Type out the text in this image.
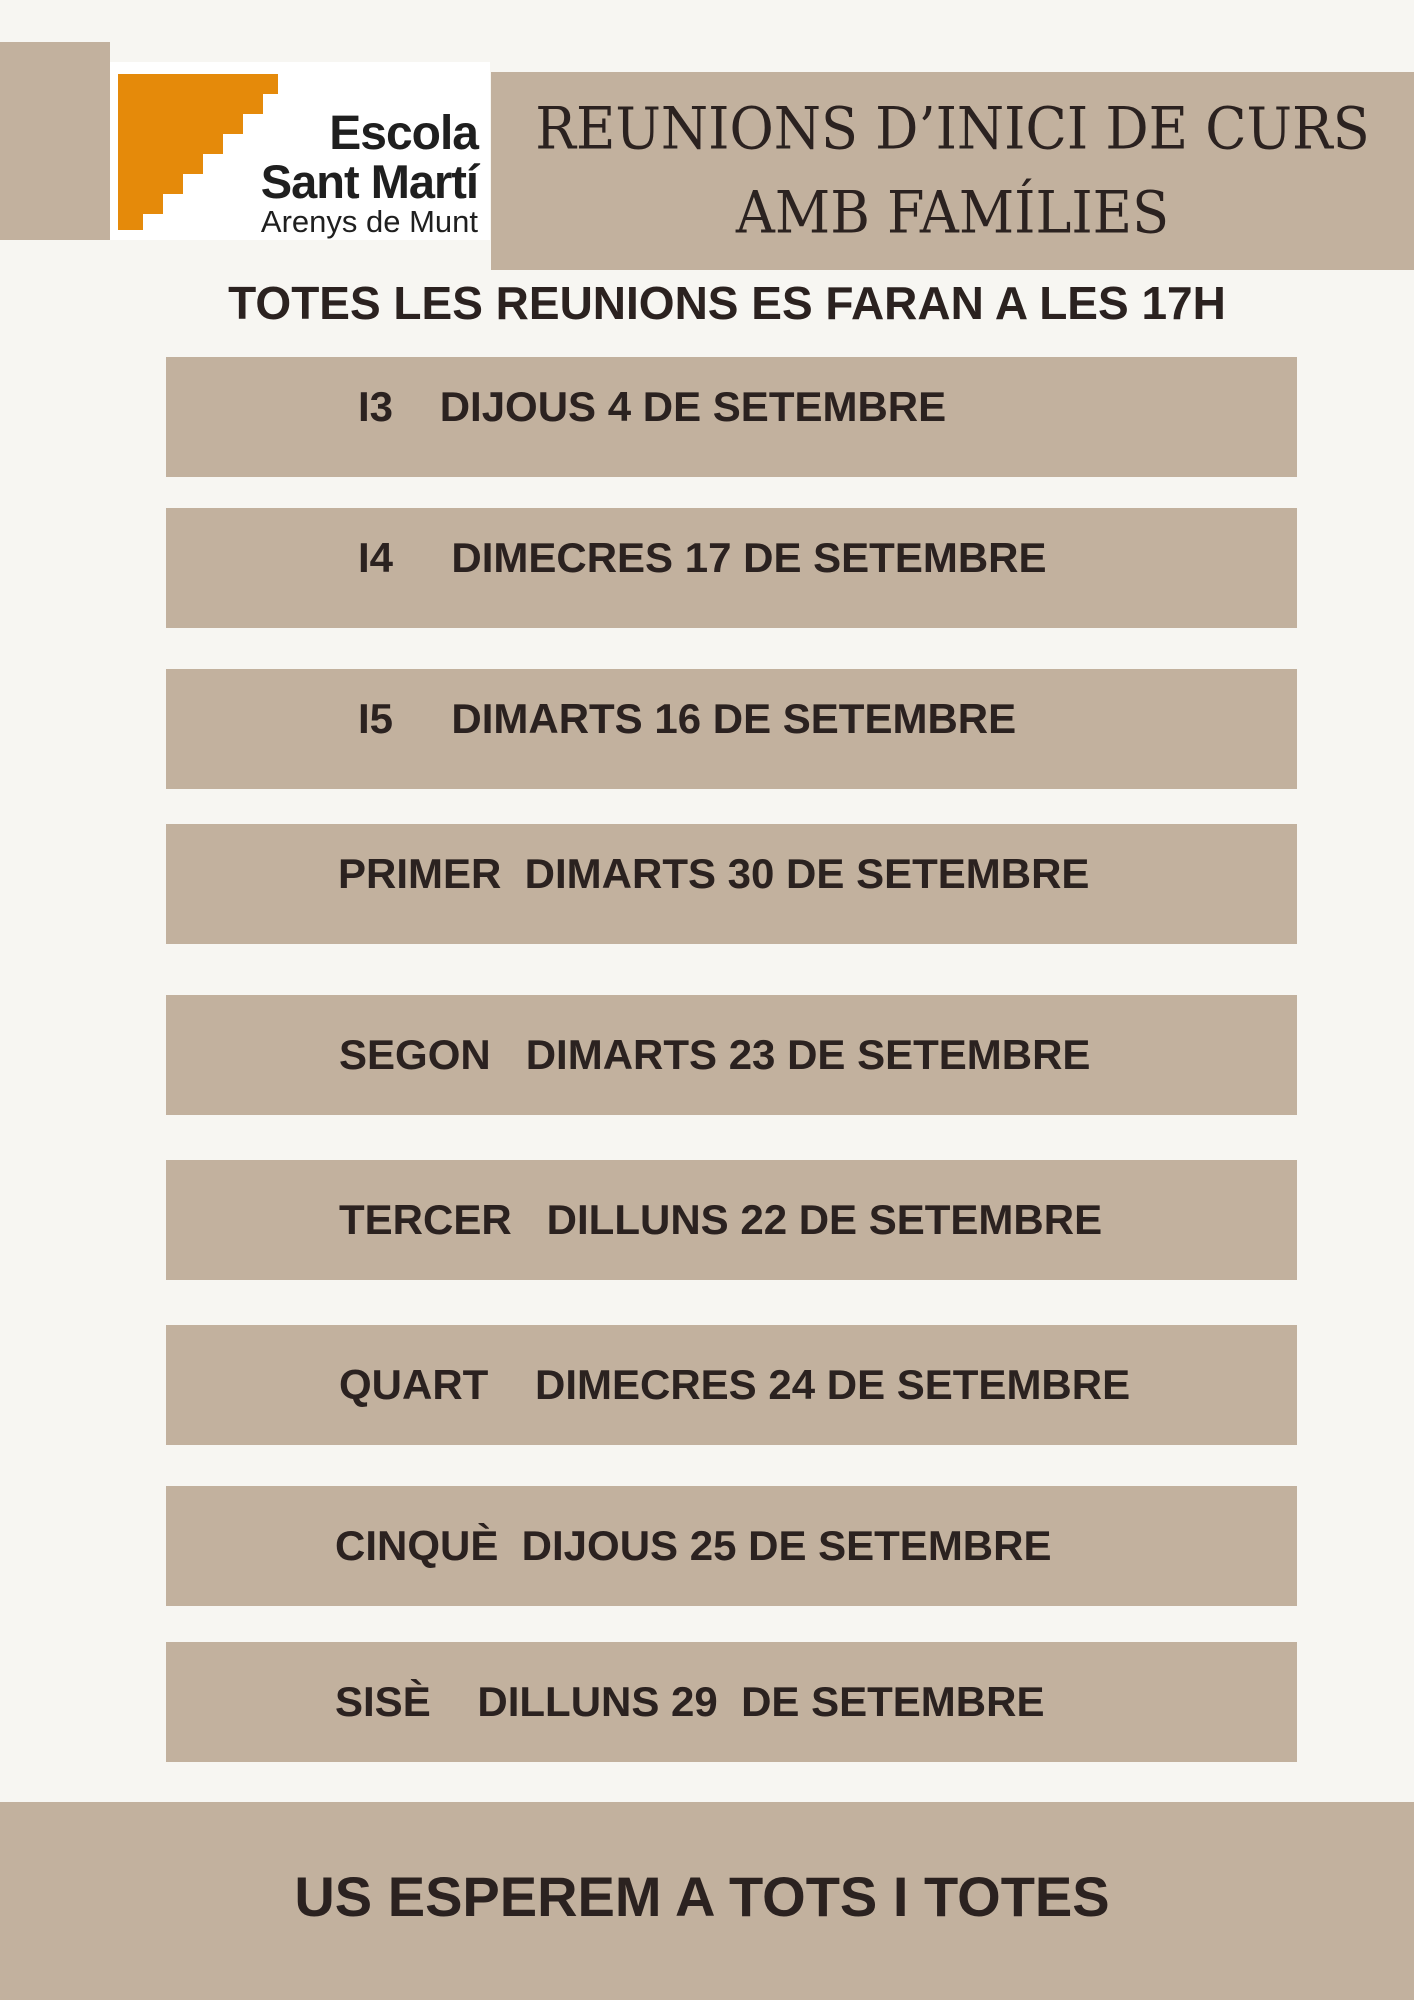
Escola
Sant Martí
Arenys de Munt
REUNIONS D’INICI DE CURS
AMB FAMÍLIES
TOTES LES REUNIONS ES FARAN A LES 17H
I3    DIJOUS 4 DE SETEMBRE
I4     DIMECRES 17 DE SETEMBRE
I5     DIMARTS 16 DE SETEMBRE
PRIMER  DIMARTS 30 DE SETEMBRE
SEGON   DIMARTS 23 DE SETEMBRE
TERCER   DILLUNS 22 DE SETEMBRE
QUART    DIMECRES 24 DE SETEMBRE
CINQUÈ  DIJOUS 25 DE SETEMBRE
SISÈ    DILLUNS 29  DE SETEMBRE
US ESPEREM A TOTS I TOTES
